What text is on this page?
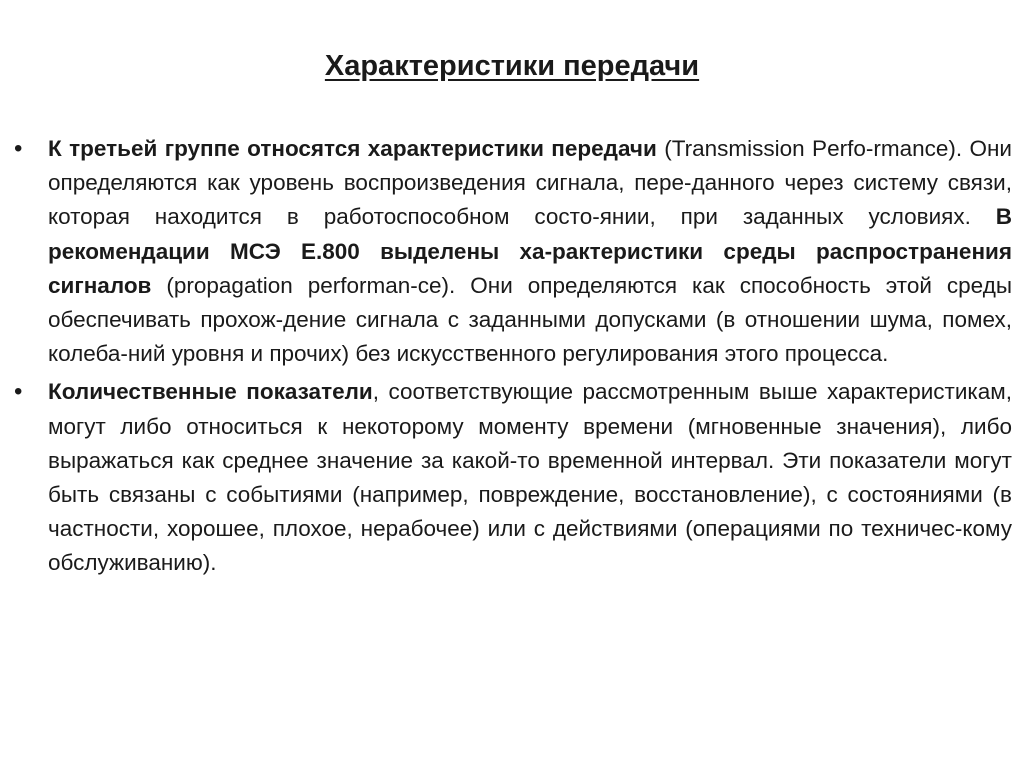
Характеристики передачи
•	К третьей группе относятся характеристики передачи (Transmission Perfo-rmance). Они определяются как уровень воспроизведения сигнала, пере-данного через систему связи, которая находится в работоспособном состо-янии, при заданных условиях. В рекомендации МСЭ Е.800 выделены ха-рактеристики среды распространения сигналов (propagation performan-ce). Они определяются как способность этой среды обеспечивать прохож-дение сигнала с заданными допусками (в отношении шума, помех, колеба-ний уровня и прочих) без искусственного регулирования этого процесса.

•	Количественные показатели, соответствующие рассмотренным выше характеристикам, могут либо относиться к некоторому моменту времени (мгновенные значения), либо выражаться как среднее значение за какой-то временной интервал. Эти показатели могут быть связаны с событиями (например, повреждение, восстановление), с состояниями (в частности, хорошее, плохое, нерабочее) или с действиями (операциями по техничес-кому обслуживанию).
